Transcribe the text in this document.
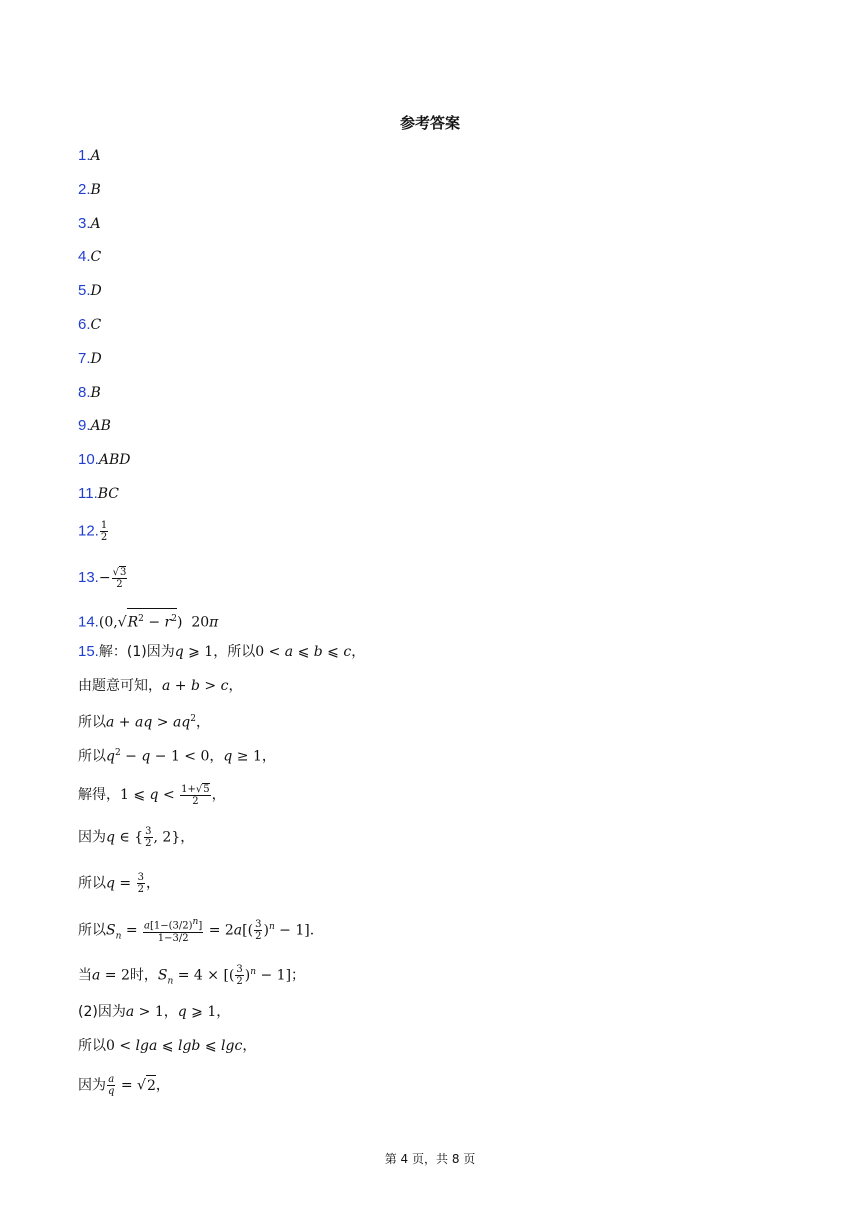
参考答案
1.A
2.B
3.A
4.C
5.D
6.C
7.D
8.B
9.AB
10.ABD
11.BC
12. $\frac{1}{2}$
$13.- \frac{√3}{2}$
$14.(0,√R^2 - r^2)$  20π
15.解：(1)因为q ⩾ 1，所以0 < a ⩽ b ⩽ c，
由题意可知，a + b > c，
所以a + aq > $aq^2$，
所以$q^2 - q - 1 < 0$，q ≥ 1，
解得，1 ⩽ $q < \frac{1+√5}{2}$ ，
因为q ∈ { $\frac{3}{2}$ , 2}，
所以$q = \frac{3}{2}$ ，
所以$S_n = \frac{a[1-(3/2)^n]}{1-3/2} = 2a[( \frac{3}{2} )^n - 1]$.
当a = 2时，$S_n = 4$ × [( $\frac{3}{2} )^n - 1$]；
(2)因为a > 1，q ⩾ 1，
所以0 < lga ⩽ lgb ⩽ lgc，
因为 $\frac{a}{q} = √2$，
第 4 页，共 8 页
